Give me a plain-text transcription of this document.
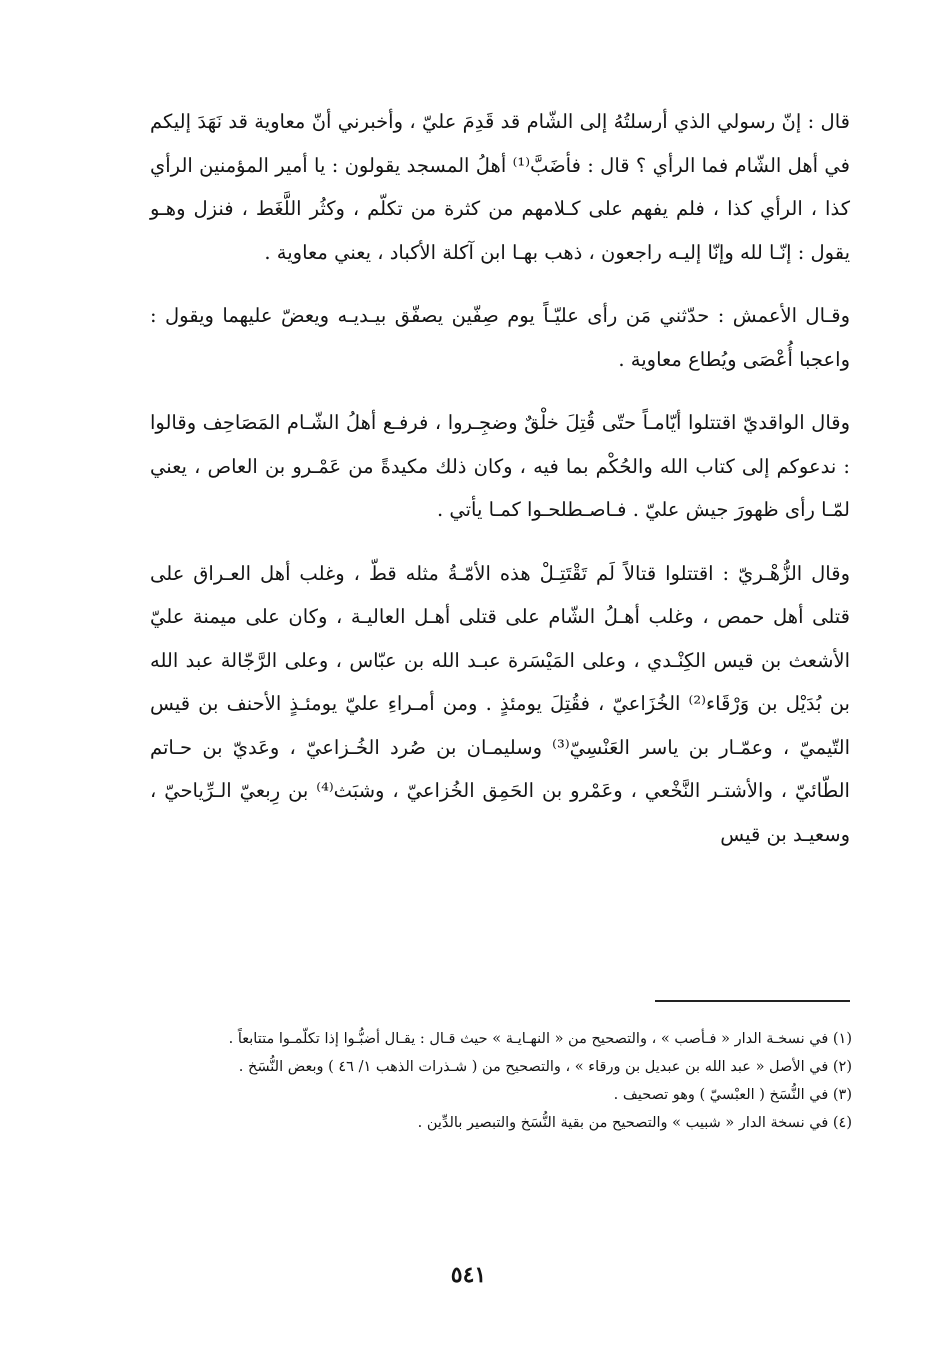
قال : إنّ رسولي الذي أرسلتُهُ إلى الشّام قد قَدِمَ عليّ ، وأخبرني أنّ معاوية قد نَهَدَ إليكم في أهل الشّام فما الرأي ؟ قال : فأضَبَّ⁽¹⁾ أهلُ المسجد يقولون : يا أمير المؤمنين الرأي كذا ، الرأي كذا ، فلم يفهم على كـلامهم من كثرة من تكلّم ، وكثُر اللَّغَط ، فنزل وهـو يقول : إنّـا لله وإنّا إليـه راجعون ، ذهب بهـا ابن آكلة الأكباد ، يعني معاوية .

وقـال الأعمش : حدّثني مَن رأى عليّـاً يوم صِفّين يصفّق بيـديـه ويعضّ عليهما ويقول : واعجبا أُعْصَى ويُطاع معاوية .

وقال الواقديّ اقتتلوا أيّامـاً حتّى قُتِلَ خلْقٌ وضجِـروا ، فرفـع أهلُ الشّـام المَصَاحِف وقالوا : ندعوكم إلى كتاب الله والحُكْم بما فيه ، وكان ذلك مكيدةً من عَمْـرو بن العاص ، يعني لمّـا رأى ظهورَ جيش عليّ . فـاصـطلحـوا كمـا يأتي .

وقال الزُّهْـريّ : اقتتلوا قتالاً لَم تَقْتَتِـلْ هذه الأمّـةُ مثله قطّ ، وغلب أهل العـراق على قتلى أهل حمص ، وغلب أهـلُ الشّام على قتلى أهـل العاليـة ، وكان على ميمنة عليّ الأشعث بن قيس الكِنْـدي ، وعلى المَيْسَرة عبـد الله بن عبّاس ، وعلى الرَّجّالة عبد الله بن بُدَيْل بن وَرْقَاء⁽²⁾ الخُزَاعيّ ، فقُتِلَ يومئذٍ . ومن أمـراءِ عليّ يومئـذٍ الأحنف بن قيس التّيميّ ، وعمّـار بن ياسر العَنْسِيّ⁽³⁾ وسليمـان بن صُرد الخُـزاعيّ ، وعَديّ بن حـاتم الطّائيّ ، والأشتـر النَّخْعي ، وعَمْرو بن الحَمِق الخُزاعيّ ، وشبَث⁽⁴⁾ بن رِبعيّ الـرِّياحيّ ، وسعيـد بن قيس

(١) في نسخـة الدار « فـأصب » ، والتصحيح من « النهـايـة » حيث قـال : يقـال أضبُّـوا إذا تكلّمـوا متتابعاً .

(٢) في الأصل « عبد الله بن عبديل بن ورقاء » ، والتصحيح من ( شـذرات الذهب ١/ ٤٦ ) وبعض النُّسَخ .

(٣) في النُّسَخ ( العبْسيّ ) وهو تصحيف .

(٤) في نسخة الدار « شبيب » والتصحيح من بقية النُّسَخ والتبصير بالدِّين .

٥٤١
